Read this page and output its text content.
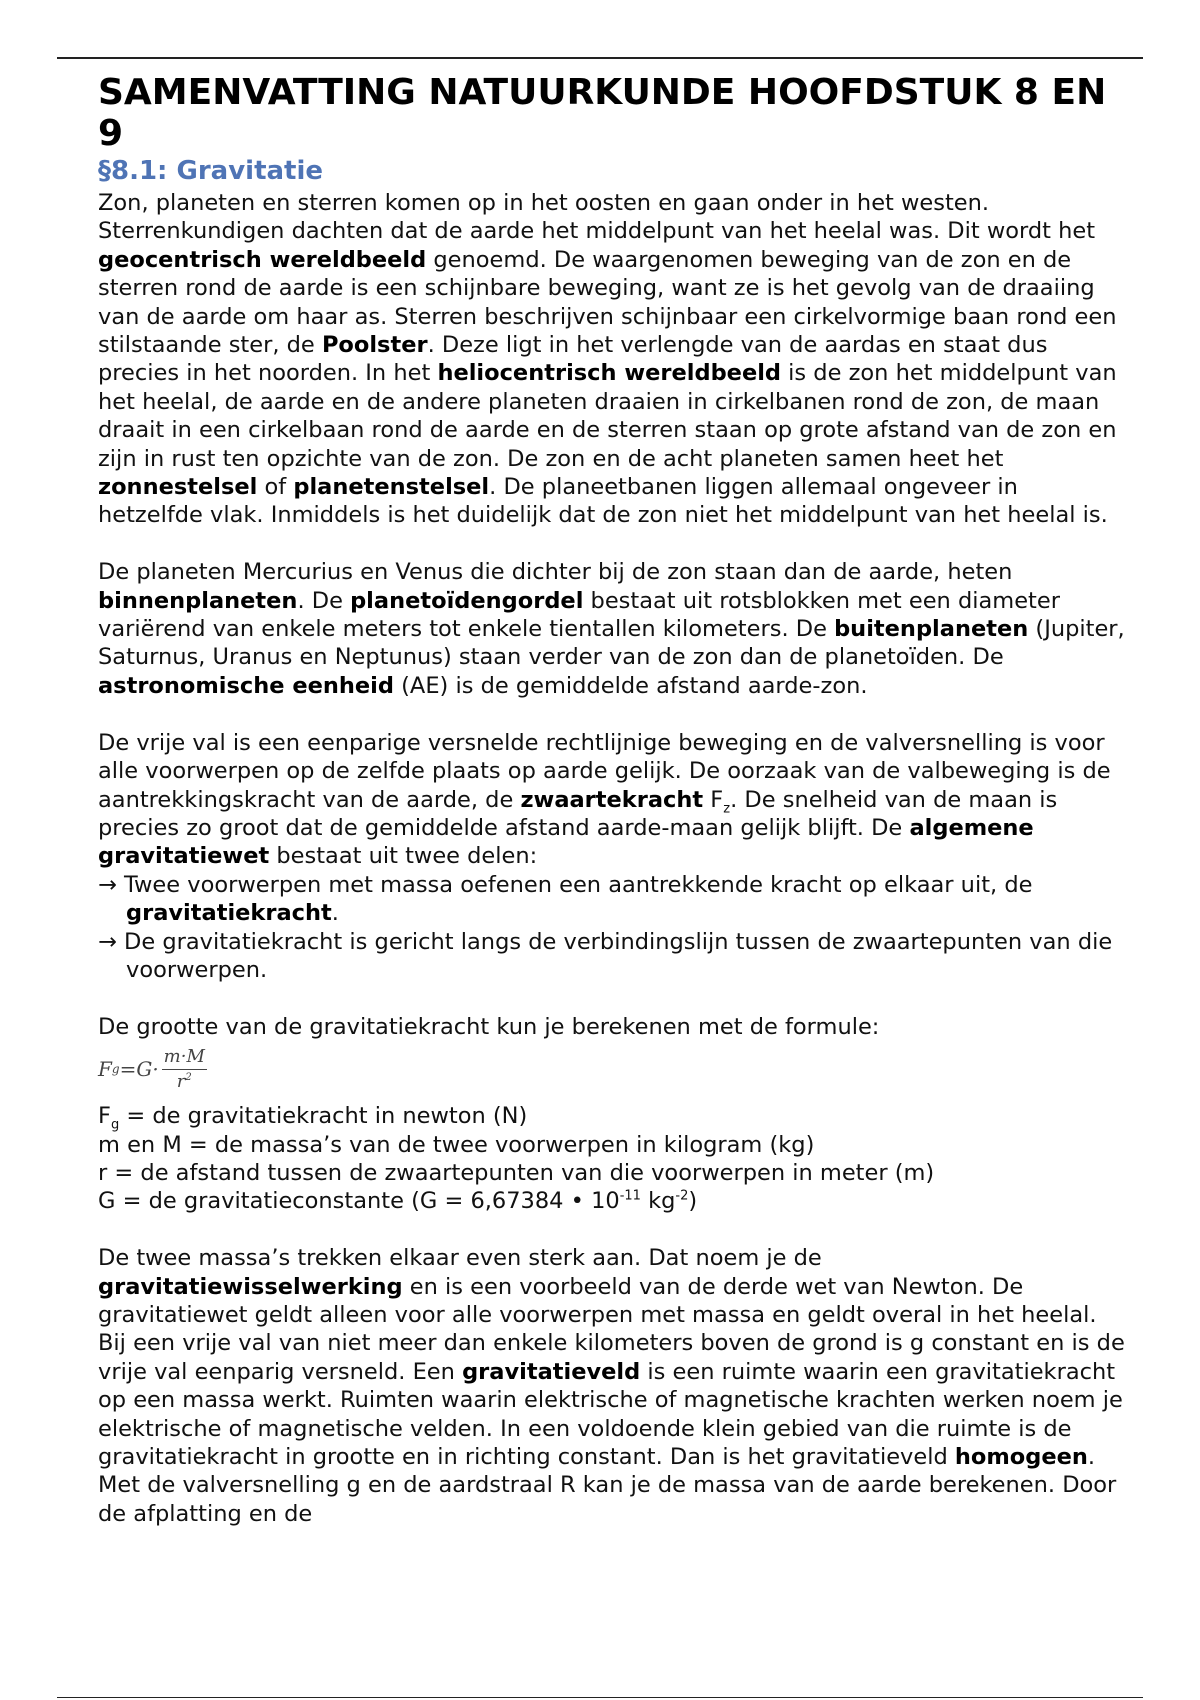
SAMENVATTING NATUURKUNDE HOOFDSTUK 8 EN 9
§8.1: Gravitatie

Zon, planeten en sterren komen op in het oosten en gaan onder in het westen. Sterrenkundigen dachten dat de aarde het middelpunt van het heelal was. Dit wordt het geocentrisch wereldbeeld genoemd. De waargenomen beweging van de zon en de sterren rond de aarde is een schijnbare beweging, want ze is het gevolg van de draaiing van de aarde om haar as. Sterren beschrijven schijnbaar een cirkelvormige baan rond een stilstaande ster, de Poolster. Deze ligt in het verlengde van de aardas en staat dus precies in het noorden. In het heliocentrisch wereldbeeld is de zon het middelpunt van het heelal, de aarde en de andere planeten draaien in cirkelbanen rond de zon, de maan draait in een cirkelbaan rond de aarde en de sterren staan op grote afstand van de zon en zijn in rust ten opzichte van de zon. De zon en de acht planeten samen heet het zonnestelsel of planetenstelsel. De planeetbanen liggen allemaal ongeveer in hetzelfde vlak. Inmiddels is het duidelijk dat de zon niet het middelpunt van het heelal is.

De planeten Mercurius en Venus die dichter bij de zon staan dan de aarde, heten binnenplaneten. De planetoïdengordel bestaat uit rotsblokken met een diameter variërend van enkele meters tot enkele tientallen kilometers. De buitenplaneten (Jupiter, Saturnus, Uranus en Neptunus) staan verder van de zon dan de planetoïden. De astronomische eenheid (AE) is de gemiddelde afstand aarde-zon.

De vrije val is een eenparige versnelde rechtlijnige beweging en de valversnelling is voor alle voorwerpen op de zelfde plaats op aarde gelijk. De oorzaak van de valbeweging is de aantrekkingskracht van de aarde, de zwaartekracht $F_z$. De snelheid van de maan is precies zo groot dat de gemiddelde afstand aarde-maan gelijk blijft. De algemene gravitatiewet bestaat uit twee delen:

→ Twee voorwerpen met massa oefenen een aantrekkende kracht op elkaar uit, de gravitatiekracht.

→ De gravitatiekracht is gericht langs de verbindingslijn tussen de zwaartepunten van die voorwerpen.

De grootte van de gravitatiekracht kun je berekenen met de formule:

F $g =G\cdot \frac{m\cdot M}{r^2}$

$F_g$ = de gravitatiekracht in newton (N)

m en M = de massa’s van de twee voorwerpen in kilogram (kg)

r = de afstand tussen de zwaartepunten van die voorwerpen in meter (m)

G = de gravitatieconstante (G = 6,67384 • $10^{-11}$ $kg^{-2}$)

De twee massa’s trekken elkaar even sterk aan. Dat noem je de gravitatiewisselwerking en is een voorbeeld van de derde wet van Newton. De gravitatiewet geldt alleen voor alle voorwerpen met massa en geldt overal in het heelal. Bij een vrije val van niet meer dan enkele kilometers boven de grond is g constant en is de vrije val eenparig versneld. Een gravitatieveld is een ruimte waarin een gravitatiekracht op een massa werkt. Ruimten waarin elektrische of magnetische krachten werken noem je elektrische of magnetische velden. In een voldoende klein gebied van die ruimte is de gravitatiekracht in grootte en in richting constant. Dan is het gravitatieveld homogeen. Met de valversnelling g en de aardstraal R kan je de massa van de aarde berekenen. Door de afplatting en de
